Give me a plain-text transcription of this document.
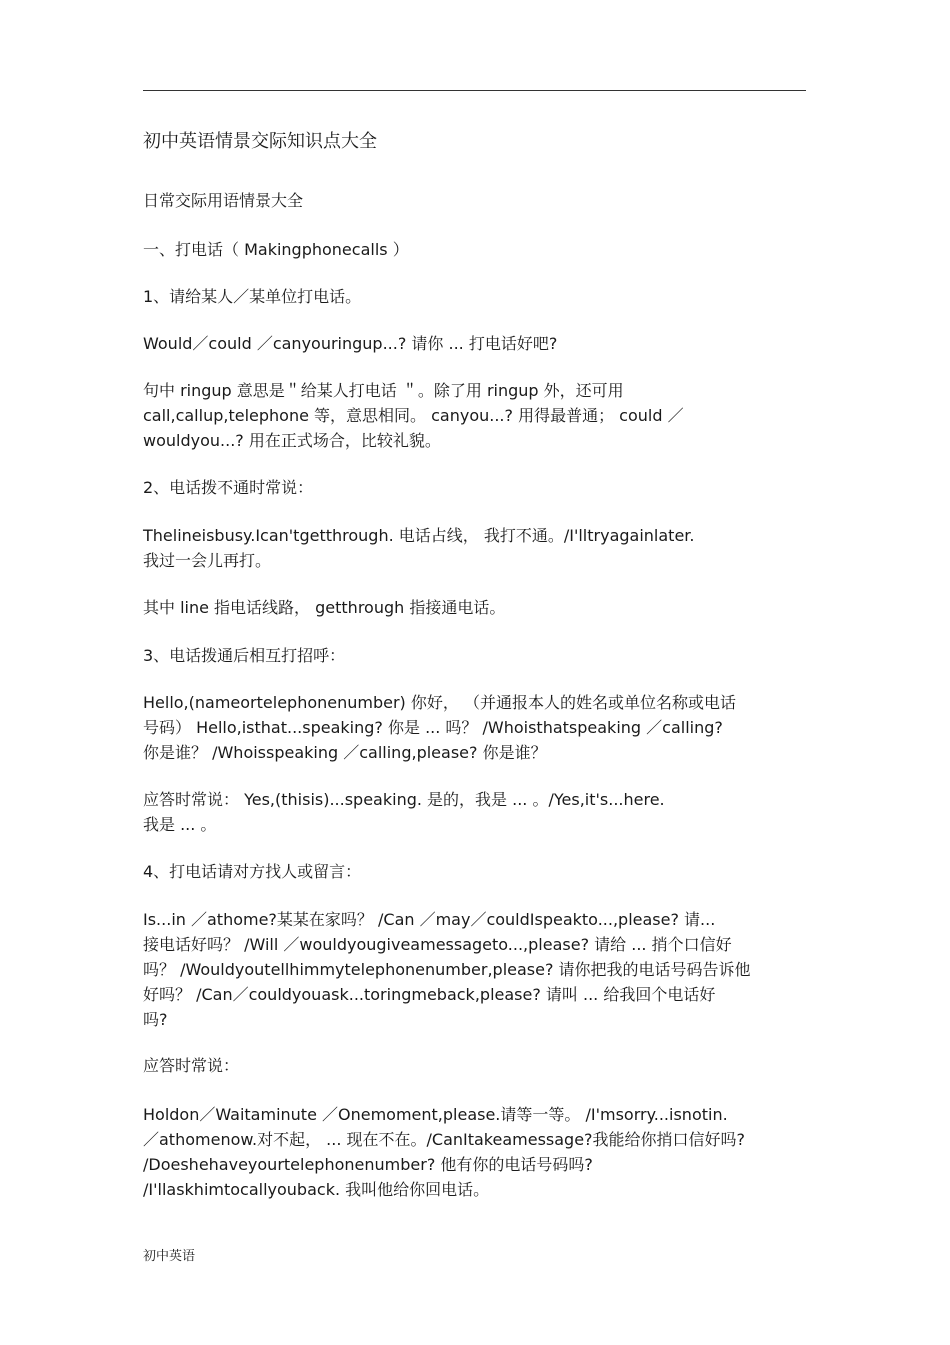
初中英语情景交际知识点大全
日常交际用语情景大全
一、打电话（ Makingphonecalls ）
1、请给某人／某单位打电话。
Would／could ／canyouringup...? 请你 ... 打电话好吧?
句中 ringup 意思是＂给某人打电话 ＂。除了用 ringup 外，还可用
call,callup,telephone 等，意思相同。 canyou...? 用得最普通； could ／
wouldyou...? 用在正式场合，比较礼貌。
2、电话拨不通时常说：
Thelineisbusy.Ican'tgetthrough. 电话占线， 我打不通。/I'lltryagainlater.
我过一会儿再打。
其中 line 指电话线路， getthrough 指接通电话。
3、电话拨通后相互打招呼：
Hello,(nameortelephonenumber) 你好， （并通报本人的姓名或单位名称或电话
号码） Hello,isthat...speaking? 你是 ... 吗？ /Whoisthatspeaking ／calling?
你是谁？ /Whoisspeaking ／calling,please? 你是谁？
应答时常说： Yes,(thisis)...speaking. 是的，我是 ... 。/Yes,it's...here.
我是 ... 。
4、打电话请对方找人或留言：
Is...in ／athome?某某在家吗？ /Can ／may／couldIspeakto...,please? 请...
接电话好吗？ /Will ／wouldyougiveamessageto...,please? 请给 ... 捎个口信好
吗？ /Wouldyoutellhimmytelephonenumber,please? 请你把我的电话号码告诉他
好吗？ /Can／couldyouask...toringmeback,please? 请叫 ... 给我回个电话好
吗?
应答时常说：
Holdon／Waitaminute ／Onemoment,please.请等一等。 /I'msorry...isnotin.
／athomenow.对不起， ... 现在不在。/CanItakeamessage?我能给你捎口信好吗?
/Doeshehaveyourtelephonenumber? 他有你的电话号码吗?
/I'llaskhimtocallyouback. 我叫他给你回电话。
初中英语
